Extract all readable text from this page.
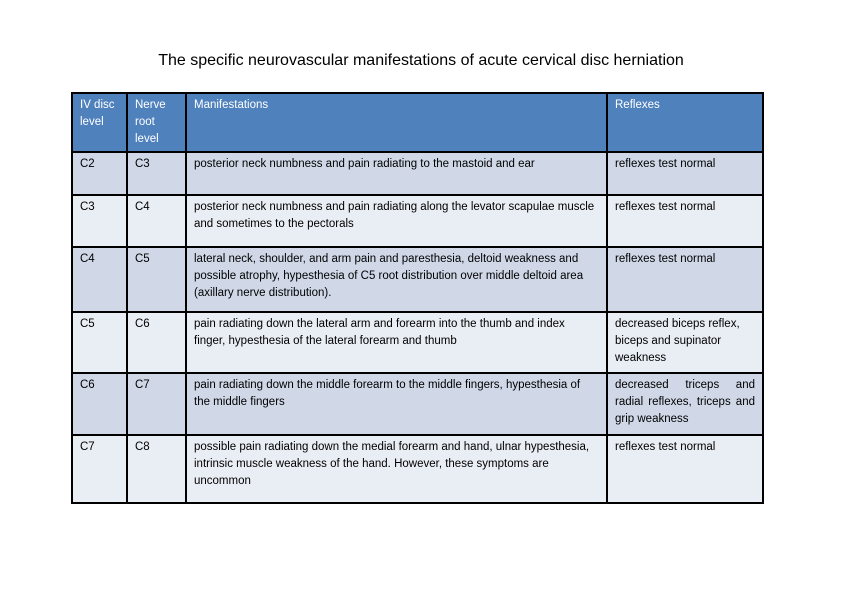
The specific neurovascular manifestations of acute cervical disc herniation
IV disc level	Nerve root level	Manifestations	Reflexes
C2	C3	posterior neck numbness and pain radiating to the mastoid and ear	reflexes test normal
C3	C4	posterior neck numbness and pain radiating along the levator scapulae muscle and sometimes to the pectorals	reflexes test normal
C4	C5	lateral neck, shoulder, and arm pain and paresthesia, deltoid weakness and possible atrophy, hypesthesia of C5 root distribution over middle deltoid area (axillary nerve distribution).	reflexes test normal
C5	C6	pain radiating down the lateral arm and forearm into the thumb and index finger, hypesthesia of the lateral forearm and thumb	decreased biceps reflex, biceps and supinator weakness
C6	C7	pain radiating down the middle forearm to the middle fingers, hypesthesia of the middle fingers	decreased triceps and radial reflexes, triceps and grip weakness
C7	C8	possible pain radiating down the medial forearm and hand, ulnar hypesthesia, intrinsic muscle weakness of the hand. However, these symptoms are uncommon	reflexes test normal
